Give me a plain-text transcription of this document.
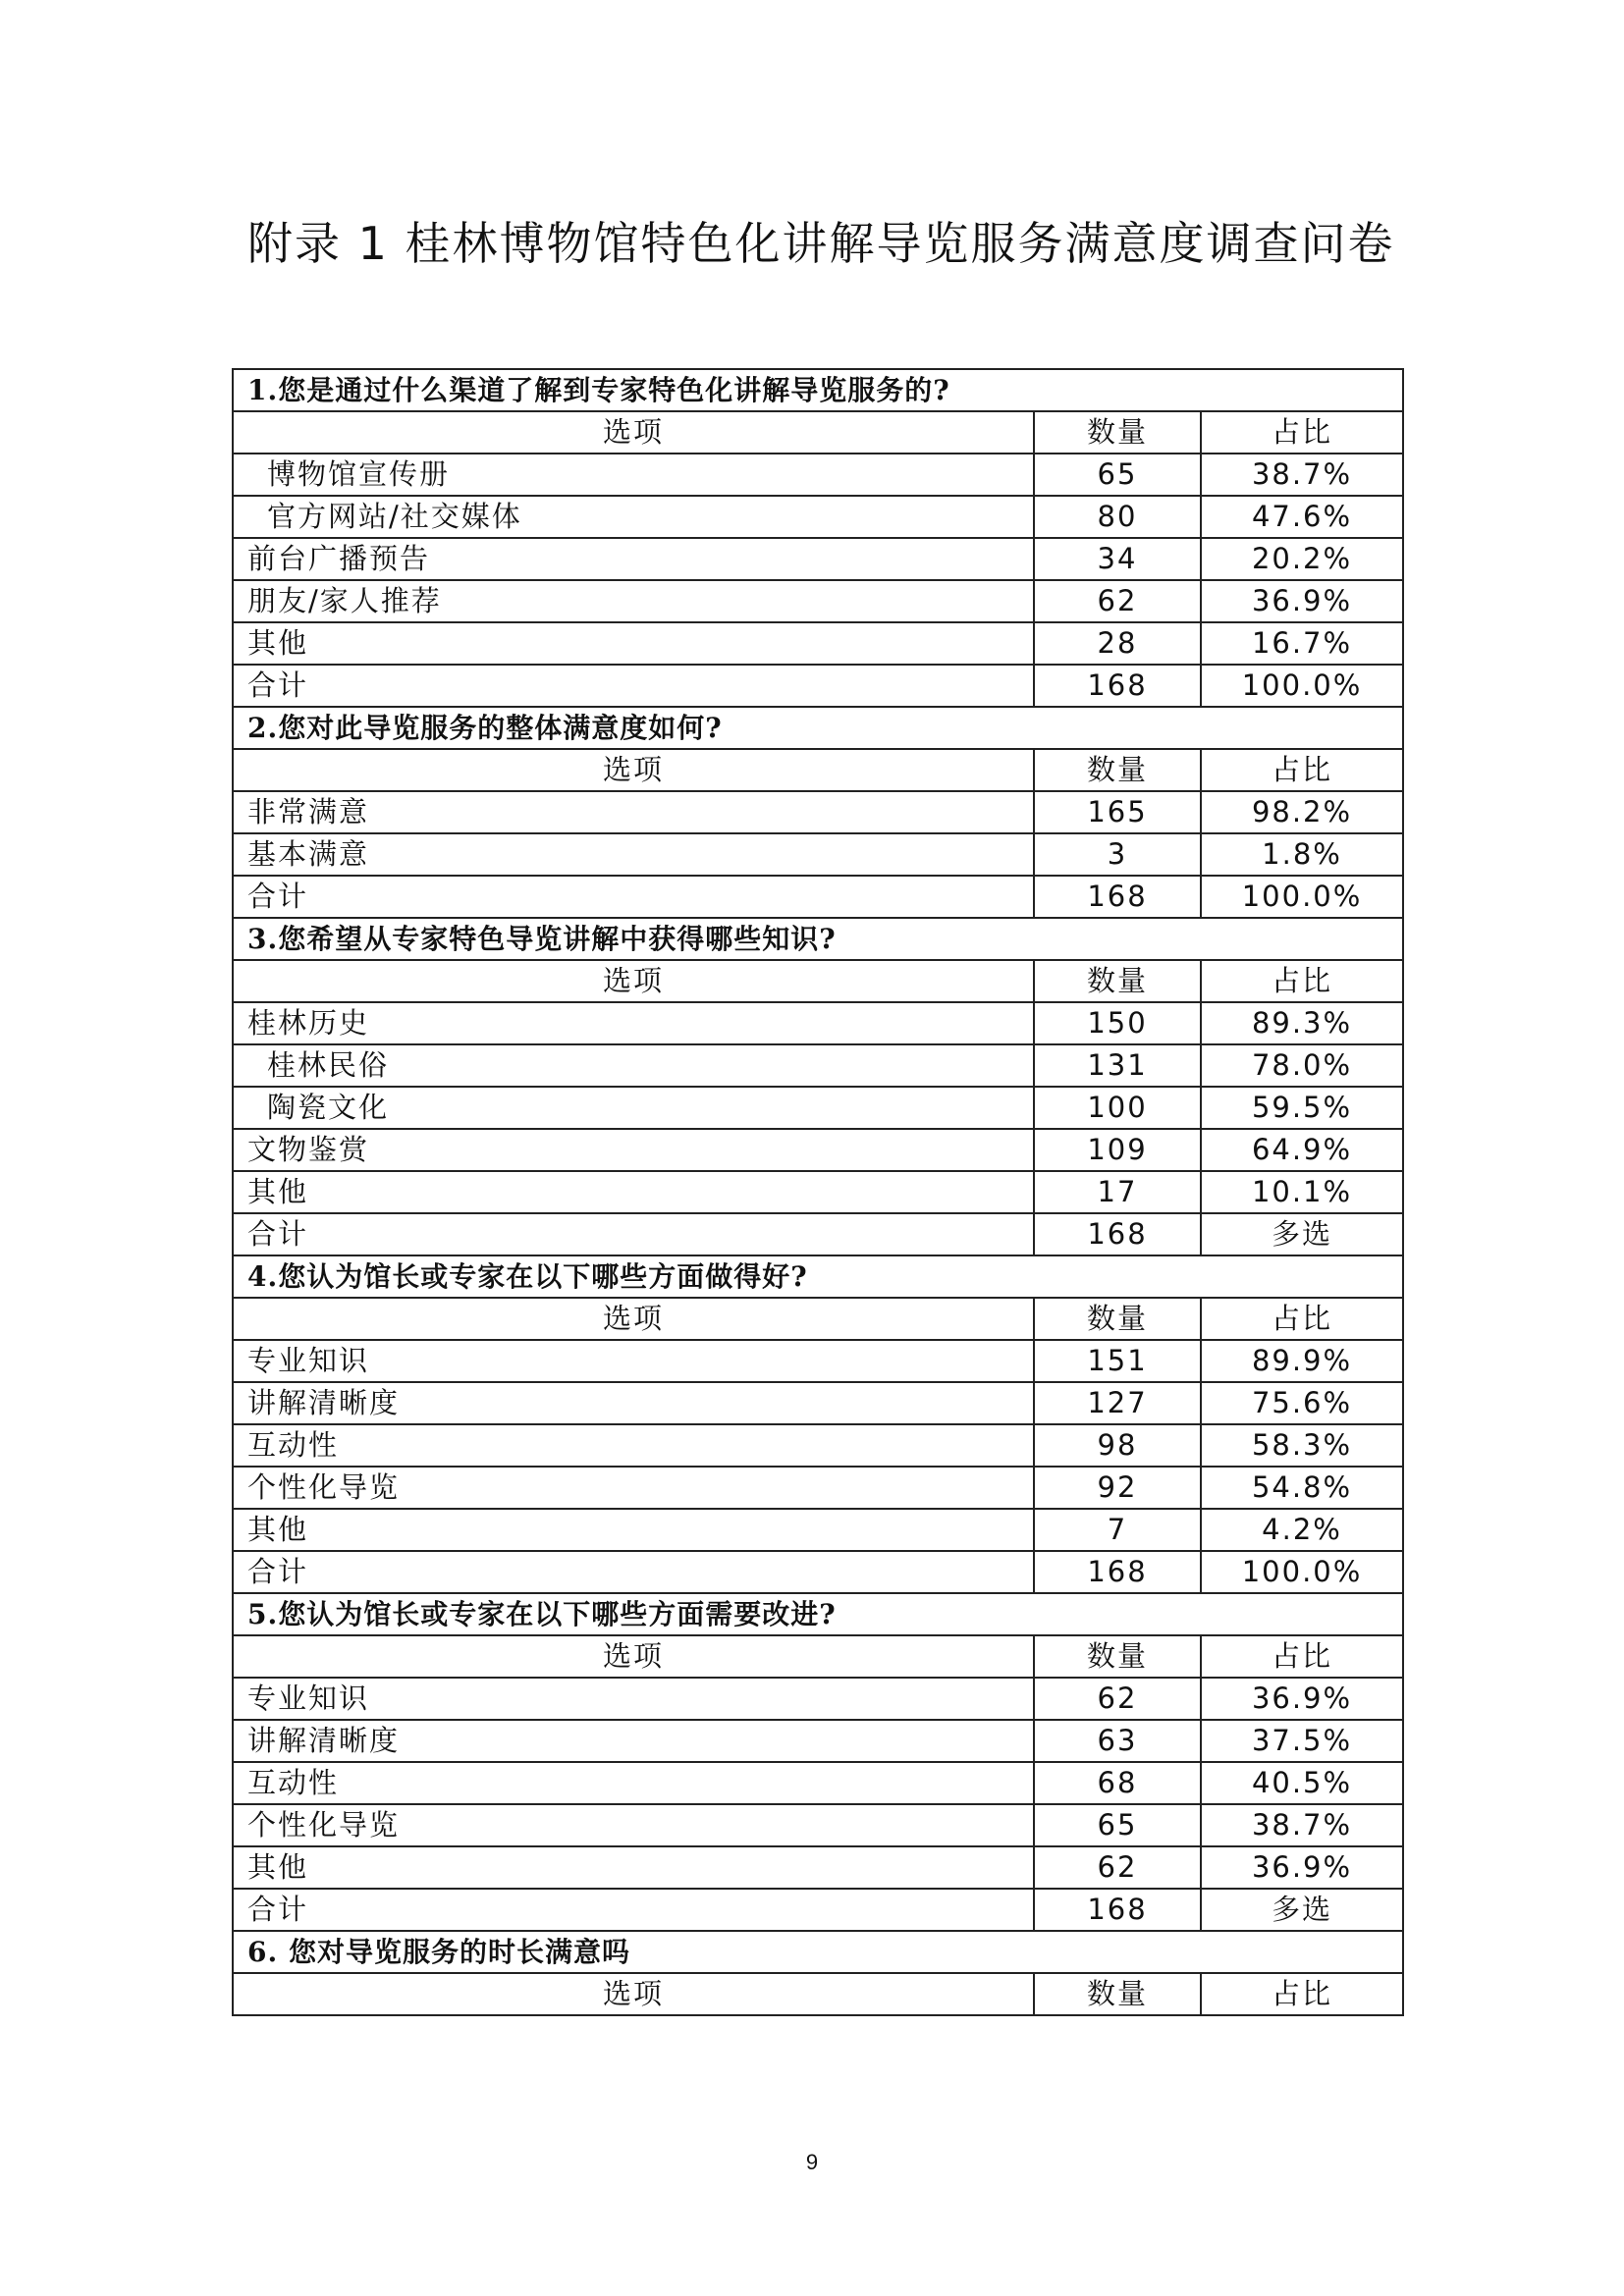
附录 1 桂林博物馆特色化讲解导览服务满意度调查问卷
1.您是通过什么渠道了解到专家特色化讲解导览服务的?		
选项	数量	占比
博物馆宣传册	65	38.7%
官方网站/社交媒体	80	47.6%
前台广播预告	34	20.2%
朋友/家人推荐	62	36.9%
其他	28	16.7%
合计	168	100.0%
2.您对此导览服务的整体满意度如何?		
选项	数量	占比
非常满意	165	98.2%
基本满意	3	1.8%
合计	168	100.0%
3.您希望从专家特色导览讲解中获得哪些知识?		
选项	数量	占比
桂林历史	150	89.3%
桂林民俗	131	78.0%
陶瓷文化	100	59.5%
文物鉴赏	109	64.9%
其他	17	10.1%
合计	168	多选
4.您认为馆长或专家在以下哪些方面做得好?		
选项	数量	占比
专业知识	151	89.9%
讲解清晰度	127	75.6%
互动性	98	58.3%
个性化导览	92	54.8%
其他	7	4.2%
合计	168	100.0%
5.您认为馆长或专家在以下哪些方面需要改进?		
选项	数量	占比
专业知识	62	36.9%
讲解清晰度	63	37.5%
互动性	68	40.5%
个性化导览	65	38.7%
其他	62	36.9%
合计	168	多选
6. 您对导览服务的时长满意吗		
选项	数量	占比
9
